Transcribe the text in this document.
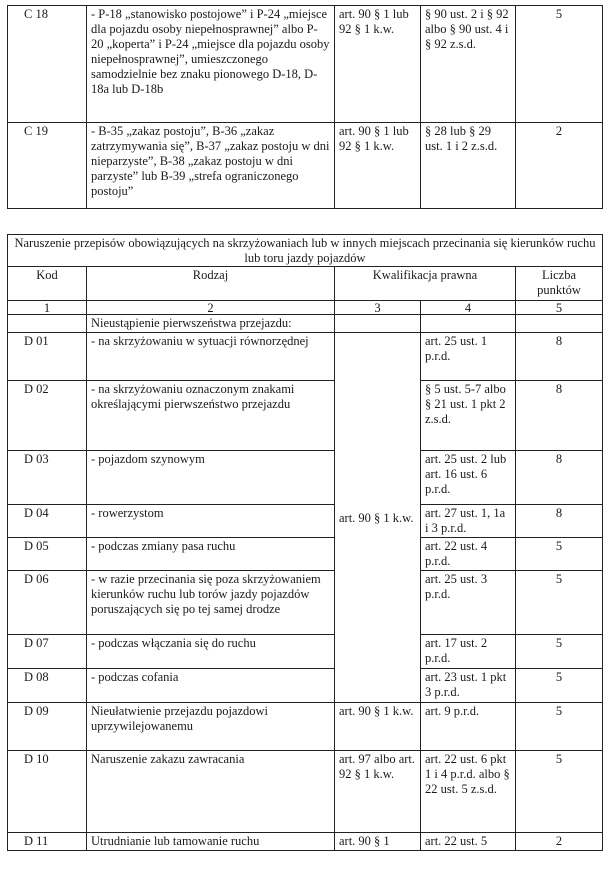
C 18	- P-18 „stanowisko postojowe” i P-24 „miejsce dla pojazdu osoby niepełnosprawnej” albo P-20 „koperta” i P-24 „miejsce dla pojazdu osoby niepełnosprawnej”, umieszczonego samodzielnie bez znaku pionowego D-18, D-18a lub D-18b	art. 90 § 1 lub 92 § 1 k.w.	§ 90 ust. 2 i § 92 albo § 90 ust. 4 i § 92 z.s.d.	5
C 19	- B-35 „zakaz postoju”, B-36 „zakaz zatrzymywania się”, B-37 „zakaz postoju w dni nieparzyste”, B-38 „zakaz postoju w dni parzyste” lub B-39 „strefa ograniczonego postoju”	art. 90 § 1 lub 92 § 1 k.w.	§ 28 lub § 29 ust. 1 i 2 z.s.d.	2
Naruszenie przepisów obowiązujących na skrzyżowaniach lub w innych miejscach przecinania się kierunków ruchu lub toru jazdy pojazdów				
Kod	Rodzaj	Kwalifikacja prawna		Liczba punktów
1	2	3	4	5
	Nieustąpienie pierwszeństwa przejazdu:			
D 01	- na skrzyżowaniu w sytuacji równorzędnej	art. 90 § 1 k.w.	art. 25 ust. 1 p.r.d.	8
D 02	- na skrzyżowaniu oznaczonym znakami określającymi pierwszeństwo przejazdu		§ 5 ust. 5-7 albo § 21 ust. 1 pkt 2 z.s.d.	8
D 03	- pojazdom szynowym		art. 25 ust. 2 lub art. 16 ust. 6 p.r.d.	8
D 04	- rowerzystom		art. 27 ust. 1, 1a i 3 p.r.d.	8
D 05	- podczas zmiany pasa ruchu		art. 22 ust. 4 p.r.d.	5
D 06	- w razie przecinania się poza skrzyżowaniem kierunków ruchu lub torów jazdy pojazdów poruszających się po tej samej drodze		art. 25 ust. 3 p.r.d.	5
D 07	- podczas włączania się do ruchu		art. 17 ust. 2 p.r.d.	5
D 08	- podczas cofania		art. 23 ust. 1 pkt 3 p.r.d.	5
D 09	Nieułatwienie przejazdu pojazdowi uprzywilejowanemu	art. 90 § 1 k.w.	art. 9 p.r.d.	5
D 10	Naruszenie zakazu zawracania	art. 97 albo art. 92 § 1 k.w.	art. 22 ust. 6 pkt 1 i 4 p.r.d. albo § 22 ust. 5 z.s.d.	5
D 11	Utrudnianie lub tamowanie ruchu	art. 90 § 1	art. 22 ust. 5	2
